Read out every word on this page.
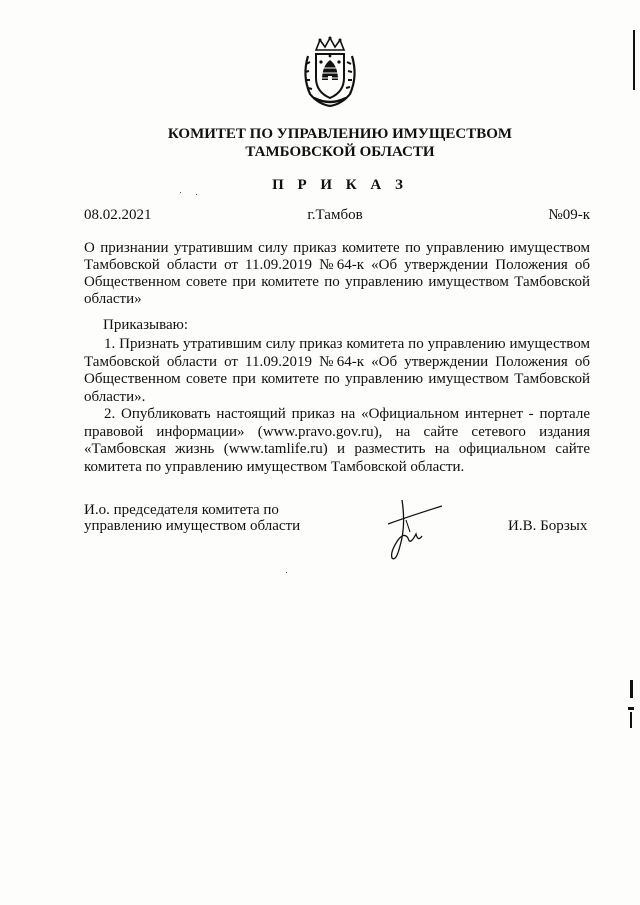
КОМИТЕТ ПО УПРАВЛЕНИЮ ИМУЩЕСТВОМ
ТАМБОВСКОЙ ОБЛАСТИ
П Р И К А З
08.02.2021	г.Тамбов	№09-к
О признании утратившим силу приказ комитете по управлению имуществом Тамбовской области от 11.09.2019 №64-к «Об утверждении Положения об Общественном совете при комитете по управлению имуществом Тамбовской области»
Приказываю:

1. Признать утратившим силу приказ комитета по управлению имуществом Тамбовской области от 11.09.2019 №64-к «Об утверждении Положения об Общественном совете при комитете по управлению имуществом Тамбовской области».

2. Опубликовать настоящий приказ на «Официальном интернет - портале правовой информации» (www.pravo.gov.ru), на сайте сетевого издания «Тамбовская жизнь (www.tamlife.ru) и разместить на официальном сайте комитета по управлению имуществом Тамбовской области.

И.о. председателя комитета по
управлению имуществом области	И.В. Борзых
